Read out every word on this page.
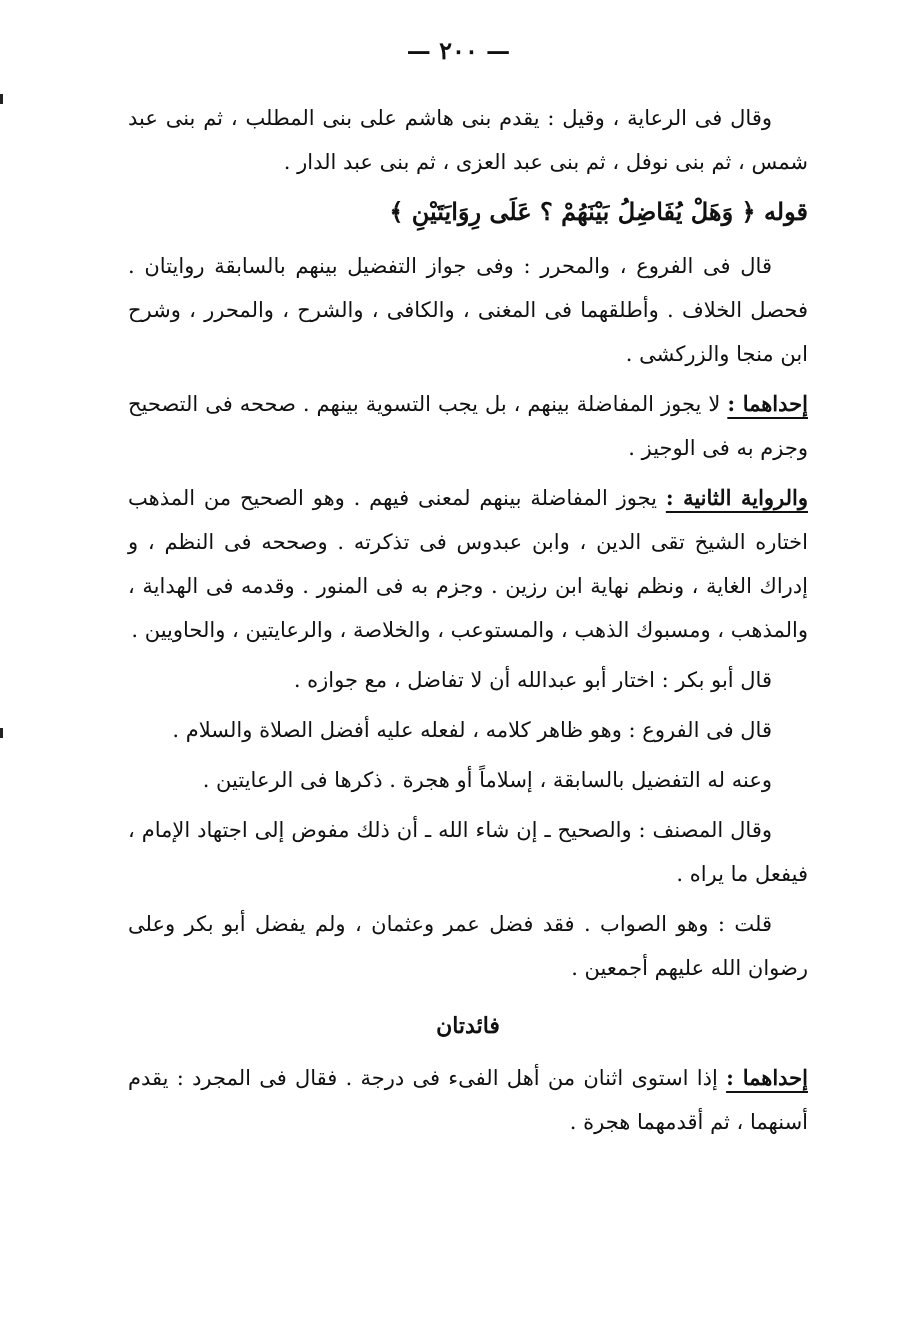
— ٢٠٠ —

وقال فى الرعاية ، وقيل : يقدم بنى هاشم على بنى المطلب ، ثم بنى عبد شمس ، ثم بنى نوفل ، ثم بنى عبد العزى ، ثم بنى عبد الدار .

قوله ﴿ وَهَلْ يُفَاضِلُ بَيْنَهُمْ ؟ عَلَى رِوَايَتَيْنِ ﴾

قال فى الفروع ، والمحرر : وفى جواز التفضيل بينهم بالسابقة روايتان . فحصل الخلاف . وأطلقهما فى المغنى ، والكافى ، والشرح ، والمحرر ، وشرح ابن منجا والزركشى .

إحداهما : لا يجوز المفاضلة بينهم ، بل يجب التسوية بينهم . صححه فى التصحيح وجزم به فى الوجيز .

والرواية الثانية : يجوز المفاضلة بينهم لمعنى فيهم . وهو الصحيح من المذهب اختاره الشيخ تقى الدين ، وابن عبدوس فى تذكرته . وصححه فى النظم ، و إدراك الغاية ، ونظم نهاية ابن رزين . وجزم به فى المنور . وقدمه فى الهداية ، والمذهب ، ومسبوك الذهب ، والمستوعب ، والخلاصة ، والرعايتين ، والحاويين .

قال أبو بكر : اختار أبو عبدالله أن لا تفاضل ، مع جوازه .

قال فى الفروع : وهو ظاهر كلامه ، لفعله عليه أفضل الصلاة والسلام .

وعنه له التفضيل بالسابقة ، إسلاماً أو هجرة . ذكرها فى الرعايتين .

وقال المصنف : والصحيح ـ إن شاء الله ـ أن ذلك مفوض إلى اجتهاد الإمام ، فيفعل ما يراه .

قلت : وهو الصواب . فقد فضل عمر وعثمان ، ولم يفضل أبو بكر وعلى رضوان الله عليهم أجمعين .

فائدتان

إحداهما : إذا استوى اثنان من أهل الفىء فى درجة . فقال فى المجرد : يقدم أسنهما ، ثم أقدمهما هجرة .
